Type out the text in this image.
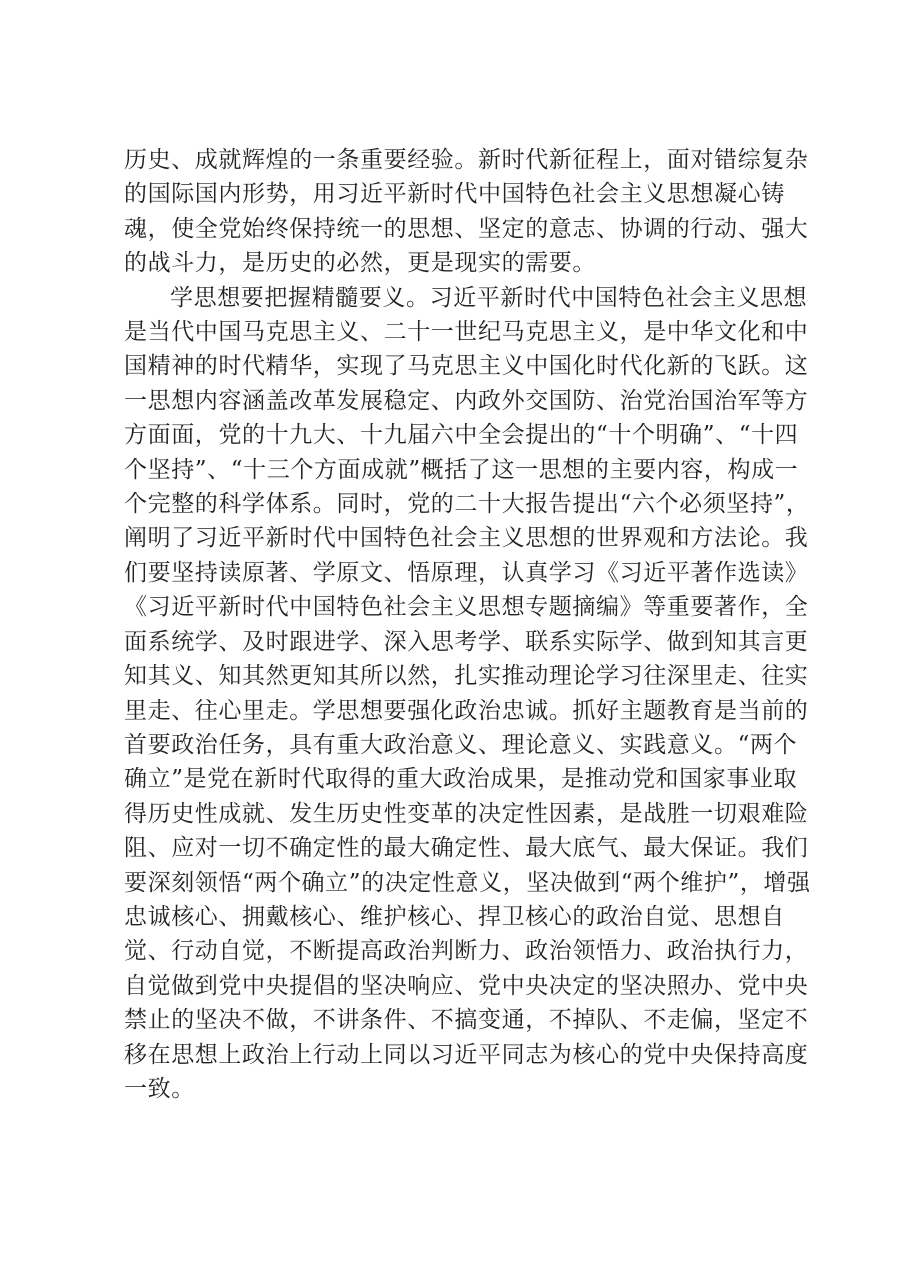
历史、成就辉煌的一条重要经验。新时代新征程上，面对错综复杂的国际国内形势，用习近平新时代中国特色社会主义思想凝心铸魂，使全党始终保持统一的思想、坚定的意志、协调的行动、强大的战斗力，是历史的必然，更是现实的需要。

学思想要把握精髓要义。习近平新时代中国特色社会主义思想是当代中国马克思主义、二十一世纪马克思主义，是中华文化和中国精神的时代精华，实现了马克思主义中国化时代化新的飞跃。这一思想内容涵盖改革发展稳定、内政外交国防、治党治国治军等方方面面，党的十九大、十九届六中全会提出的“十个明确”、“十四个坚持”、“十三个方面成就”概括了这一思想的主要内容，构成一个完整的科学体系。同时，党的二十大报告提出“六个必须坚持”，阐明了习近平新时代中国特色社会主义思想的世界观和方法论。我们要坚持读原著、学原文、悟原理，认真学习《习近平著作选读》《习近平新时代中国特色社会主义思想专题摘编》等重要著作，全面系统学、及时跟进学、深入思考学、联系实际学、做到知其言更知其义、知其然更知其所以然，扎实推动理论学习往深里走、往实里走、往心里走。学思想要强化政治忠诚。抓好主题教育是当前的首要政治任务，具有重大政治意义、理论意义、实践意义。“两个确立”是党在新时代取得的重大政治成果，是推动党和国家事业取得历史性成就、发生历史性变革的决定性因素，是战胜一切艰难险阻、应对一切不确定性的最大确定性、最大底气、最大保证。我们要深刻领悟“两个确立”的决定性意义，坚决做到“两个维护”，增强忠诚核心、拥戴核心、维护核心、捍卫核心的政治自觉、思想自觉、行动自觉，不断提高政治判断力、政治领悟力、政治执行力，自觉做到党中央提倡的坚决响应、党中央决定的坚决照办、党中央禁止的坚决不做，不讲条件、不搞变通，不掉队、不走偏，坚定不移在思想上政治上行动上同以习近平同志为核心的党中央保持高度一致。
